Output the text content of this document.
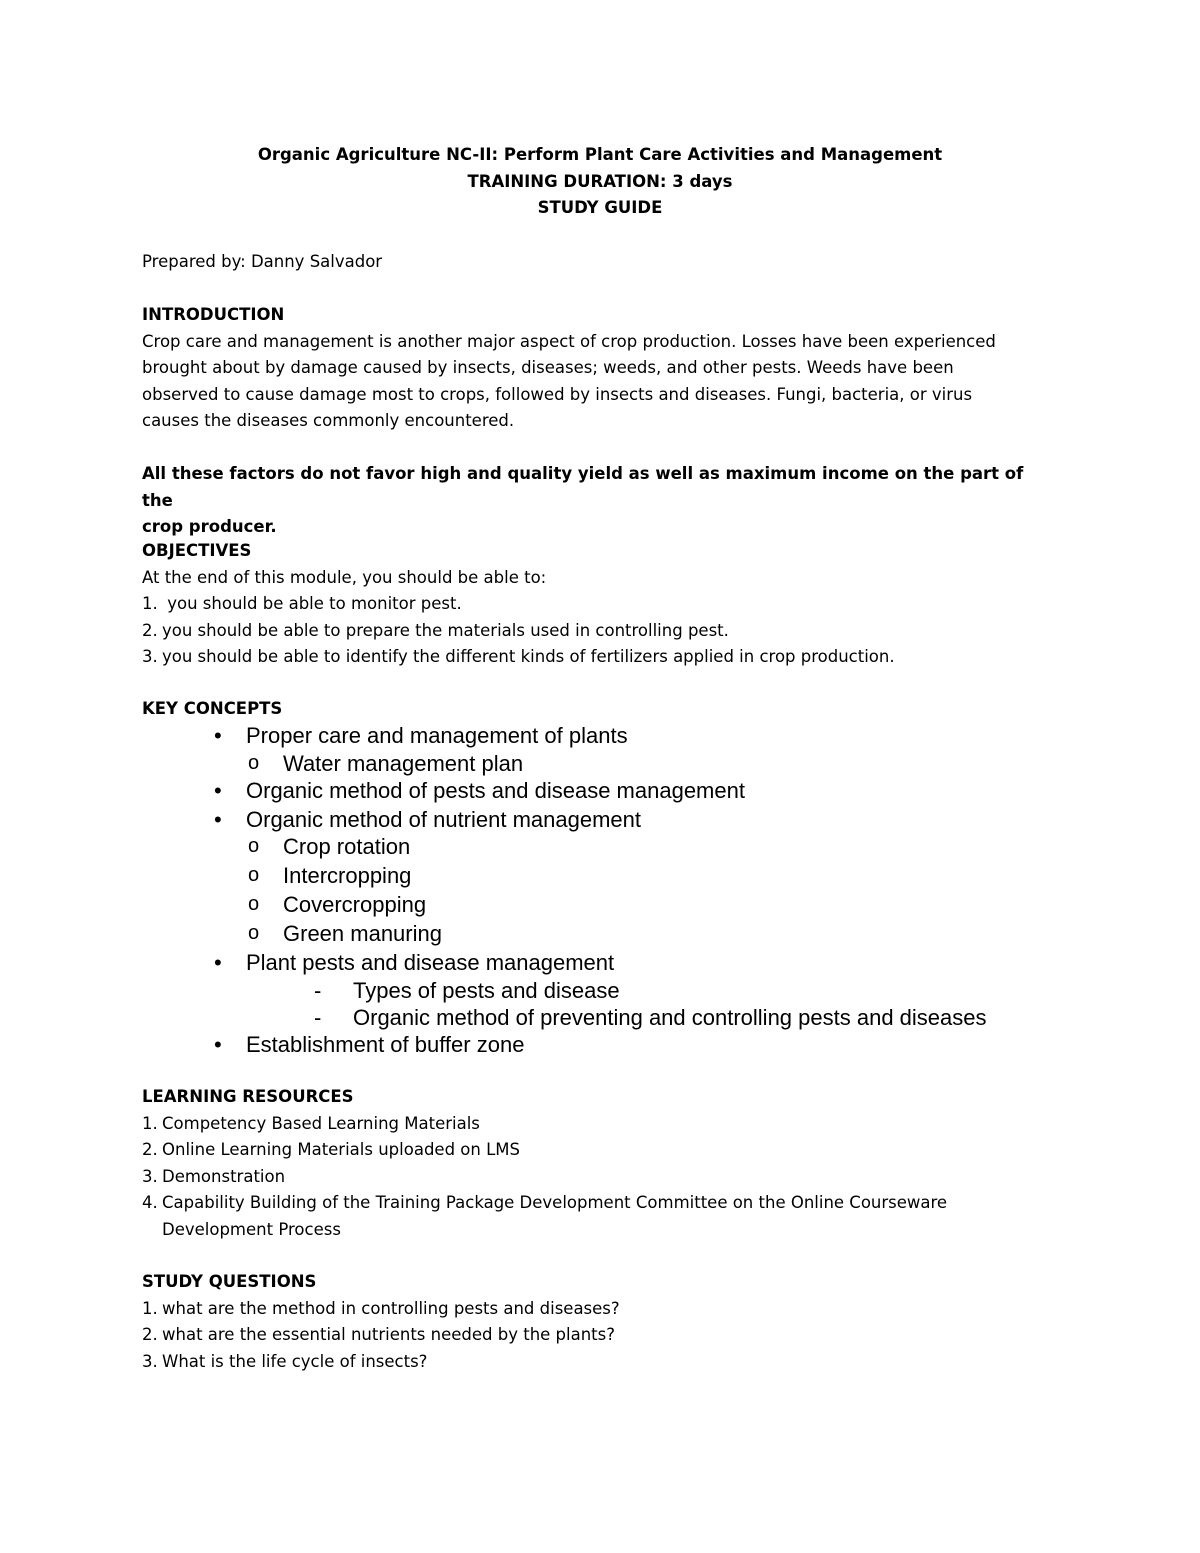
Organic Agriculture NC-II: Perform Plant Care Activities and Management
TRAINING DURATION: 3 days
STUDY GUIDE
Prepared by: Danny Salvador
INTRODUCTION
Crop care and management is another major aspect of crop production. Losses have been experienced
brought about by damage caused by insects, diseases; weeds, and other pests. Weeds have been
observed to cause damage most to crops, followed by insects and diseases. Fungi, bacteria, or virus
causes the diseases commonly encountered.
All these factors do not favor high and quality yield as well as maximum income on the part of the
crop producer.
OBJECTIVES
At the end of this module, you should be able to:
1. you should be able to monitor pest.
2. you should be able to prepare the materials used in controlling pest.
3. you should be able to identify the different kinds of fertilizers applied in crop production.
KEY CONCEPTS
• Proper care and management of plants
o Water management plan
• Organic method of pests and disease management
• Organic method of nutrient management
o Crop rotation
o Intercropping
o Covercropping
o Green manuring
• Plant pests and disease management
- Types of pests and disease
- Organic method of preventing and controlling pests and diseases
• Establishment of buffer zone
LEARNING RESOURCES
1. Competency Based Learning Materials
2. Online Learning Materials uploaded on LMS
3. Demonstration
4. Capability Building of the Training Package Development Committee on the Online Courseware Development Process
STUDY QUESTIONS
1. what are the method in controlling pests and diseases?
2. what are the essential nutrients needed by the plants?
3. What is the life cycle of insects?
